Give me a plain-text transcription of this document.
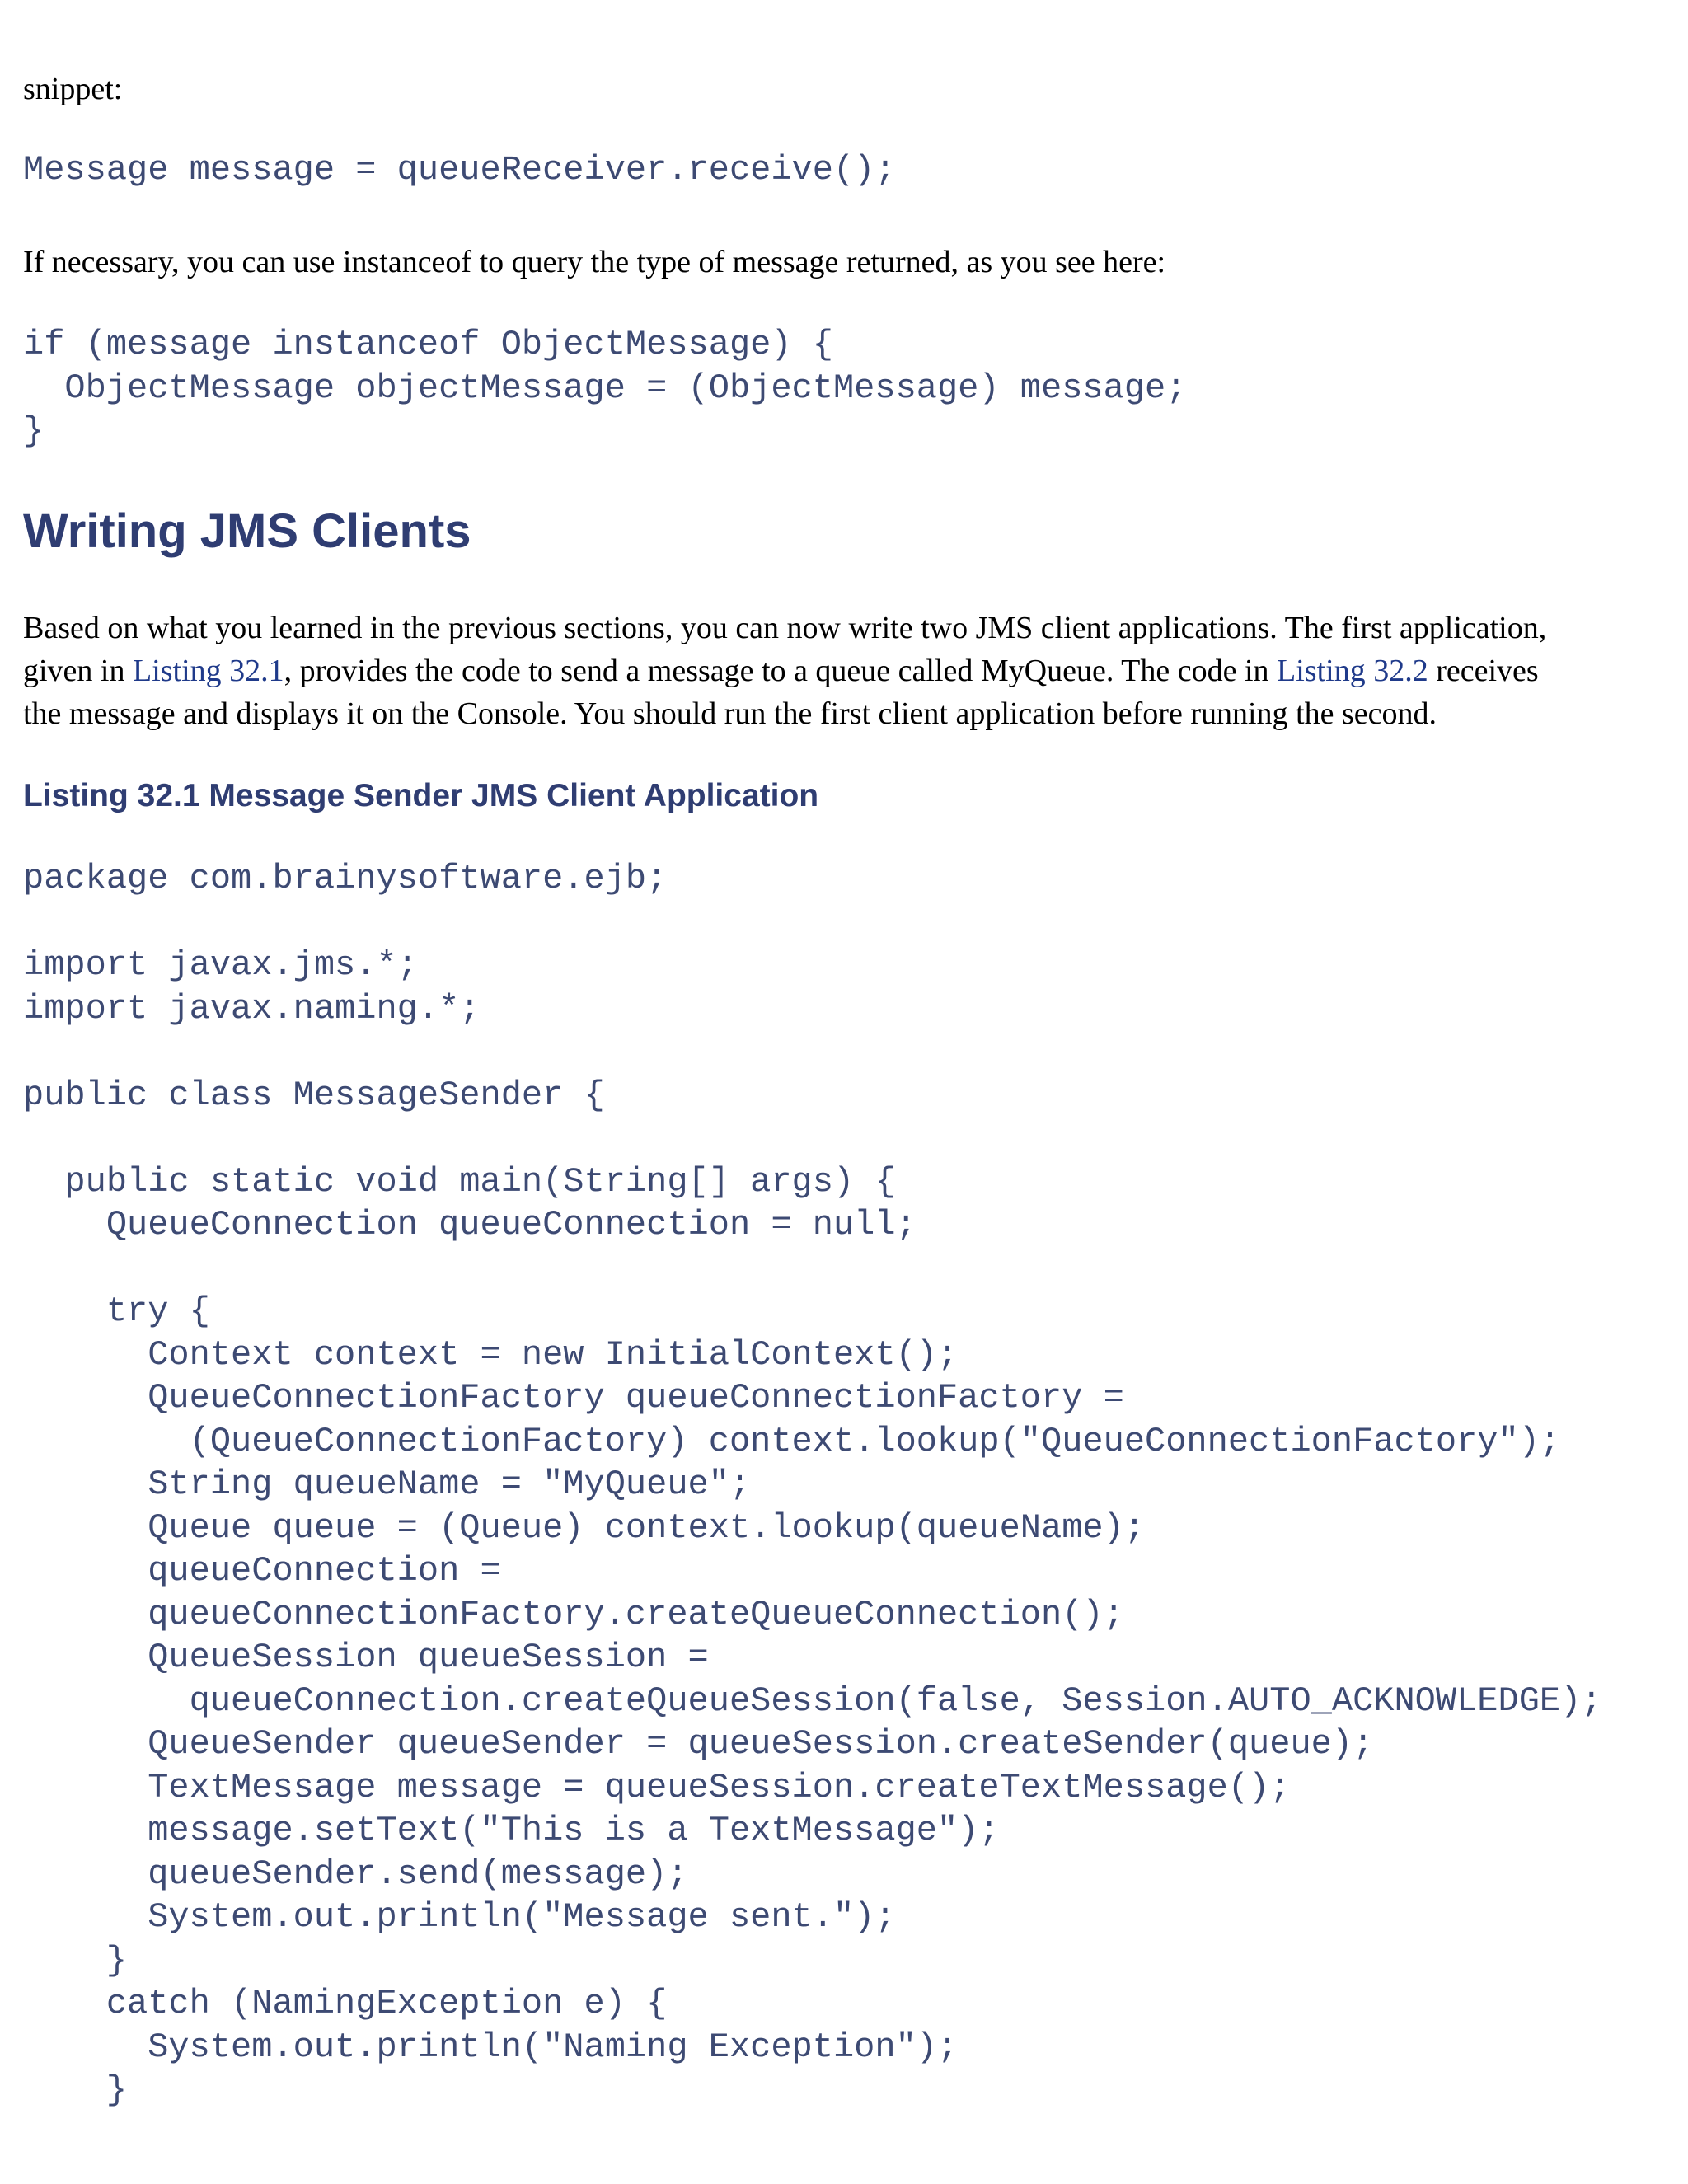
snippet:
Message message = queueReceiver.receive();
If necessary, you can use instanceof to query the type of message returned, as you see here:
if (message instanceof ObjectMessage) {
ObjectMessage objectMessage = (ObjectMessage) message;
}
Writing JMS Clients
Based on what you learned in the previous sections, you can now write two JMS client applications. The first application,
given in Listing 32.1, provides the code to send a message to a queue called MyQueue. The code in Listing 32.2 receives
the message and displays it on the Console. You should run the first client application before running the second.
Listing 32.1 Message Sender JMS Client Application
package com.brainysoftware.ejb;

import javax.jms.*;
import javax.naming.*;

public class MessageSender {

public static void main(String[] args) {
QueueConnection queueConnection = null;

try {
Context context = new InitialContext();
QueueConnectionFactory queueConnectionFactory =
(QueueConnectionFactory) context.lookup("QueueConnectionFactory");
String queueName = "MyQueue";
Queue queue = (Queue) context.lookup(queueName);
queueConnection =
queueConnectionFactory.createQueueConnection();
QueueSession queueSession =
queueConnection.createQueueSession(false, Session.AUTO_ACKNOWLEDGE);
QueueSender queueSender = queueSession.createSender(queue);
TextMessage message = queueSession.createTextMessage();
message.setText("This is a TextMessage");
queueSender.send(message);
System.out.println("Message sent.");
}
catch (NamingException e) {
System.out.println("Naming Exception");
}
